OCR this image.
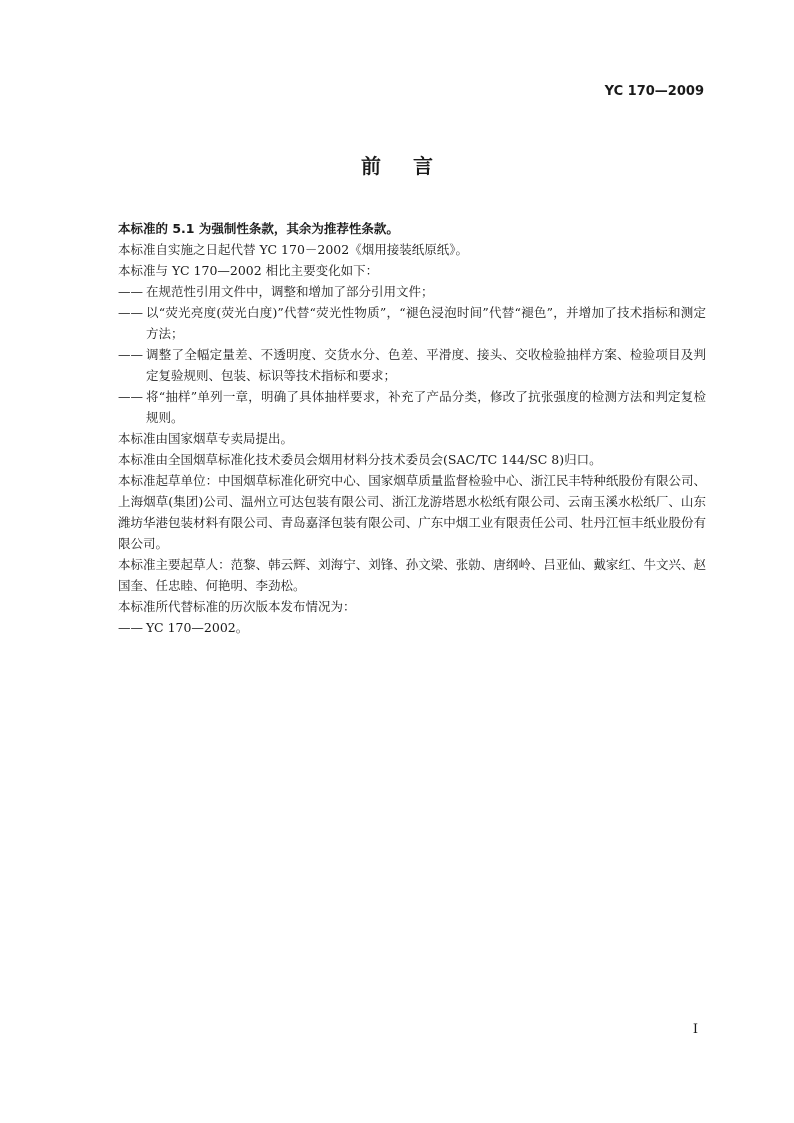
YC 170—2009
前言

本标准的 5.1 为强制性条款，其余为推荐性条款。

本标准自实施之日起代替 YC 170－2002《烟用接装纸原纸》。

本标准与 YC 170—2002 相比主要变化如下：

—— 在规范性引用文件中，调整和增加了部分引用文件；
—— 以“荧光亮度(荧光白度)”代替“荧光性物质”，“褪色浸泡时间”代替“褪色”，并增加了技术指标和测定方法；
—— 调整了全幅定量差、不透明度、交货水分、色差、平滑度、接头、交收检验抽样方案、检验项目及判定复验规则、包装、标识等技术指标和要求；
—— 将“抽样”单列一章，明确了具体抽样要求，补充了产品分类，修改了抗张强度的检测方法和判定复检规则。

本标准由国家烟草专卖局提出。

本标准由全国烟草标准化技术委员会烟用材料分技术委员会(SAC/TC 144/SC 8)归口。

本标准起草单位：中国烟草标准化研究中心、国家烟草质量监督检验中心、浙江民丰特种纸股份有限公司、上海烟草(集团)公司、温州立可达包装有限公司、浙江龙游塔恩水松纸有限公司、云南玉溪水松纸厂、山东潍坊华港包装材料有限公司、青岛嘉泽包装有限公司、广东中烟工业有限责任公司、牡丹江恒丰纸业股份有限公司。

本标准主要起草人：范黎、韩云辉、刘海宁、刘锋、孙文梁、张勍、唐纲岭、吕亚仙、戴家红、牛文兴、赵国奎、任忠睦、何艳明、李劲松。

本标准所代替标准的历次版本发布情况为：

—— YC 170—2002。
I
